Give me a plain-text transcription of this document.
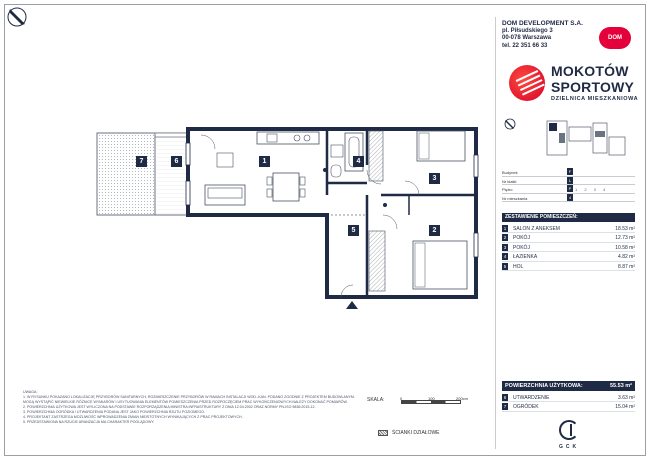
7	6	1	4
3
2
5
UWAGA:
1. W RYSUNKU POKAZANO LOKALIZACJĘ PRZYBORÓW SANITARNYCH, ROZMIESZCZENIE PRZYBORÓW W RAMACH INSTALACJI WOD.-KAN. PODANO ZGODNIE Z PROJEKTEM BUDOWLANYM. MOGĄ WYSTĄPIĆ NIEWIELKIE RÓŻNICE WYMIARÓW I USYTUOWANIA ELEMENTÓW POMIESZCZENIA PRZED ROZPOCZĘCIEM PRAC WYKOŃCZENIOWYCH NALEŻY DOKONAĆ POMIARÓW.
2. POWIERZCHNIA UŻYTKOWA JEST WYLICZONA NA PODSTAWIE ROZPORZĄDZENIA MINISTRA INFRASTRUKTURY Z DNIA 12.04.2002 ORAZ NORMY PN-ISO 9836:2015-12.
3. POWIERZCHNIA OGRÓDKA / UTWARDZENIA PODANA JEST JAKO POWIERZCHNIA RZUTU POZIOMEGO.
4. PROJEKTANT ZASTRZEGA MOŻLIWOŚĆ WPROWADZENIA ZMIAN NIEISTOTNYCH WYNIKAJĄCYCH Z PRAC PROJEKTOWYCH.
5. PRZEDSTAWIONA NA RZUCIE ARANŻACJA MA CHARAKTER POGLĄDOWY.
SKALA:	0	100	200cm
ŚCIANKI DZIAŁOWE
DOM DEVELOPMENT S.A.
pl. Piłsudskiego 3
00-078 Warszawa
tel. 22 351 66 33
DOM
MOKOTÓW
SPORTOWY
DZIELNICA MIESZKANIOWA
Budynek	F
Nr klatki	L
Piętro	P 1 2 3 4
Nr mieszkania	4
ZESTAWIENIE POMIESZCZEŃ:
1	SALON Z ANEKSEM	18.53 m²
2	POKÓJ	12.73 m²
3	POKÓJ	10.58 m²
4	ŁAZIENKA	4.82 m²
5	HOL	8.87 m²
POWIERZCHNIA UŻYTKOWA:	55.53 m²
6	UTWARDZENIE	3.63 m²
7	OGRÓDEK	15.04 m²
GCK
